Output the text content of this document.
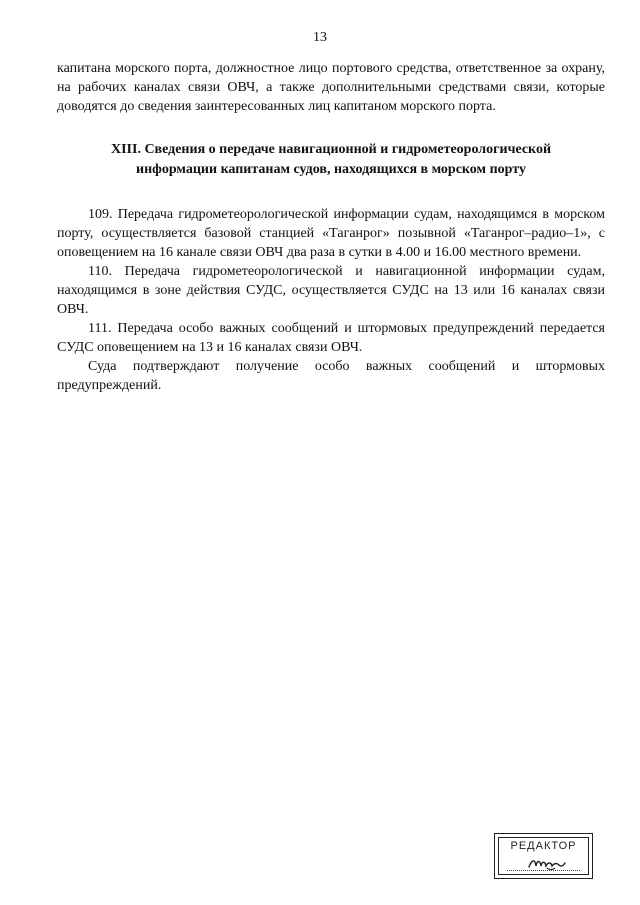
13

капитана морского порта, должностное лицо портового средства, ответственное за охрану, на рабочих каналах связи ОВЧ, а также дополнительными средствами связи, которые доводятся до сведения заинтересованных лиц капитаном морского порта.

XIII. Сведения о передаче навигационной и гидрометеорологической
информации капитанам судов, находящихся в морском порту

109. Передача гидрометеорологической информации судам, находящимся в морском порту, осуществляется базовой станцией «Таганрог» позывной «Таганрог–радио–1», с оповещением на 16 канале связи ОВЧ два раза в сутки в 4.00 и 16.00 местного времени.

110. Передача гидрометеорологической и навигационной информации судам, находящимся в зоне действия СУДС, осуществляется СУДС на 13 или 16 каналах связи ОВЧ.

111. Передача особо важных сообщений и штормовых предупреждений передается СУДС оповещением на 13 и 16 каналах связи ОВЧ.

Суда подтверждают получение особо важных сообщений и штормовых предупреждений.

РЕДАКТОР
